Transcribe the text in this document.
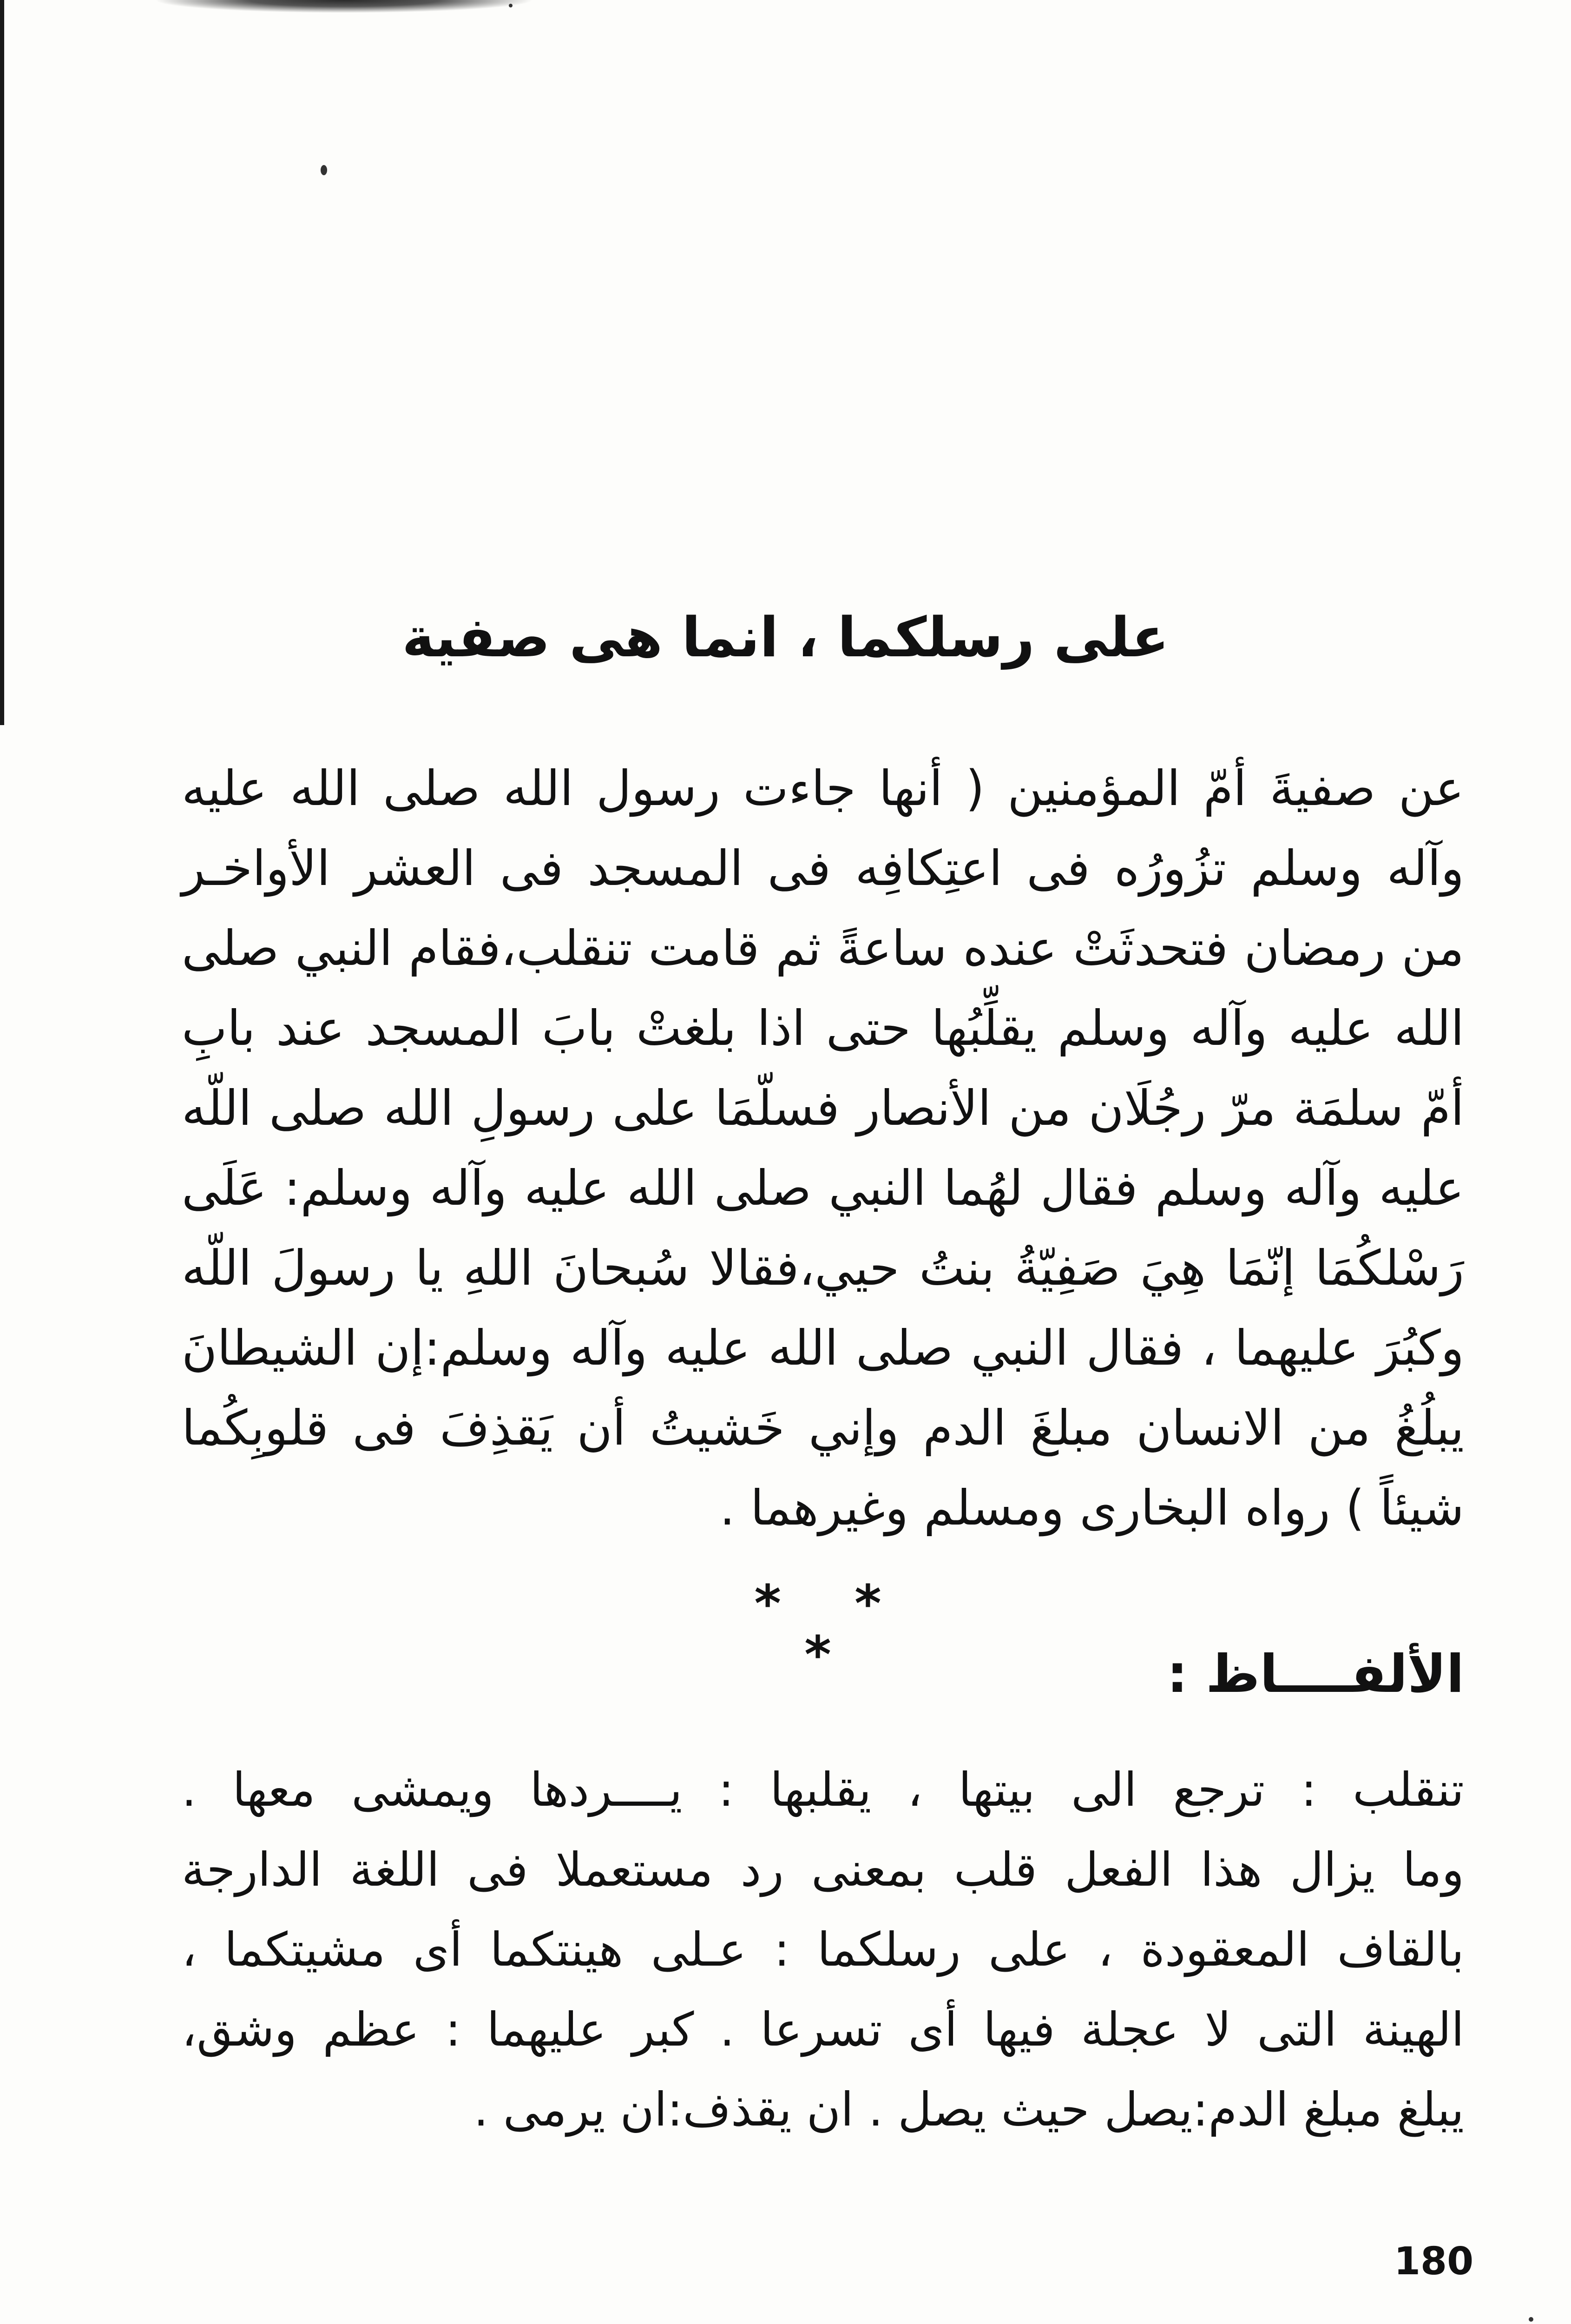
على رسلكما ، انما هى صفية
عن صفيةَ أمّ المؤمنين ( أنها جاءت رسول الله صلى الله عليه
وآله وسلم تزُورُه فى اعتِكافِه فى المسجد فى العشر الأواخـر
من رمضان فتحدثَتْ عنده ساعةً ثم قامت تنقلب،فقام النبي صلى
الله عليه وآله وسلم يقلِّبُها حتى اذا بلغتْ بابَ المسجد عند بابِ
أمّ سلمَة مرّ رجُلَان من الأنصار فسلّمَا على رسولِ الله صلى اللّه
عليه وآله وسلم فقال لهُما النبي صلى الله عليه وآله وسلم: عَلَى
رَسْلكُمَا إنّمَا هِيَ صَفِيّةُ بنتُ حيي،فقالا سُبحانَ اللهِ يا رسولَ اللّه
وكبُرَ عليهما ، فقال النبي صلى الله عليه وآله وسلم:إن الشيطانَ
يبلُغُ من الانسان مبلغَ الدم وإني خَشيتُ أن يَقذِفَ فى قلوبِكُما
شيئاً ) رواه البخارى ومسلم وغيرهما .
* * *	الألفــــاظ :
تنقلب : ترجع الى بيتها ، يقلبها : يــــردها ويمشى معها .
وما يزال هذا الفعل قلب بمعنى رد مستعملا فى اللغة الدارجة
بالقاف المعقودة ، على رسلكما : عـلى هينتكما أى مشيتكما ،
الهينة التى لا عجلة فيها أى تسرعا . كبر عليهما : عظم وشق،
يبلغ مبلغ الدم:يصل حيث يصل . ان يقذف:ان يرمى .
180
